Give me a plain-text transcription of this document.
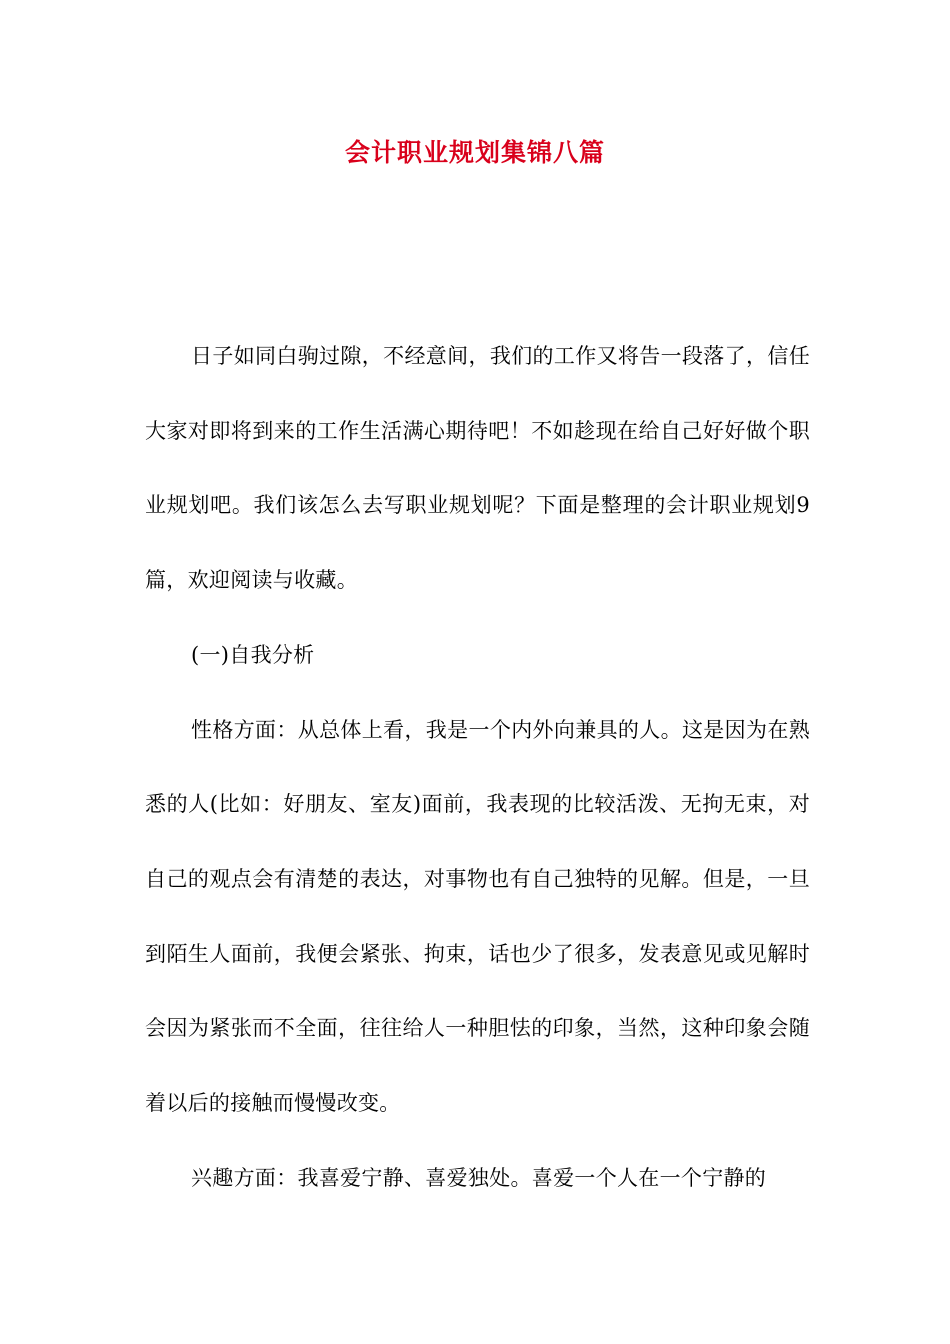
会计职业规划集锦八篇

日子如同白驹过隙，不经意间，我们的工作又将告一段落了，信任大家对即将到来的工作生活满心期待吧！不如趁现在给自己好好做个职业规划吧。我们该怎么去写职业规划呢？下面是整理的会计职业规划9篇，欢迎阅读与收藏。

(一)自我分析

性格方面：从总体上看，我是一个内外向兼具的人。这是因为在熟悉的人(比如：好朋友、室友)面前，我表现的比较活泼、无拘无束，对自己的观点会有清楚的表达，对事物也有自己独特的见解。但是，一旦到陌生人面前，我便会紧张、拘束，话也少了很多，发表意见或见解时会因为紧张而不全面，往往给人一种胆怯的印象，当然，这种印象会随着以后的接触而慢慢改变。

兴趣方面：我喜爱宁静、喜爱独处。喜爱一个人在一个宁静的
